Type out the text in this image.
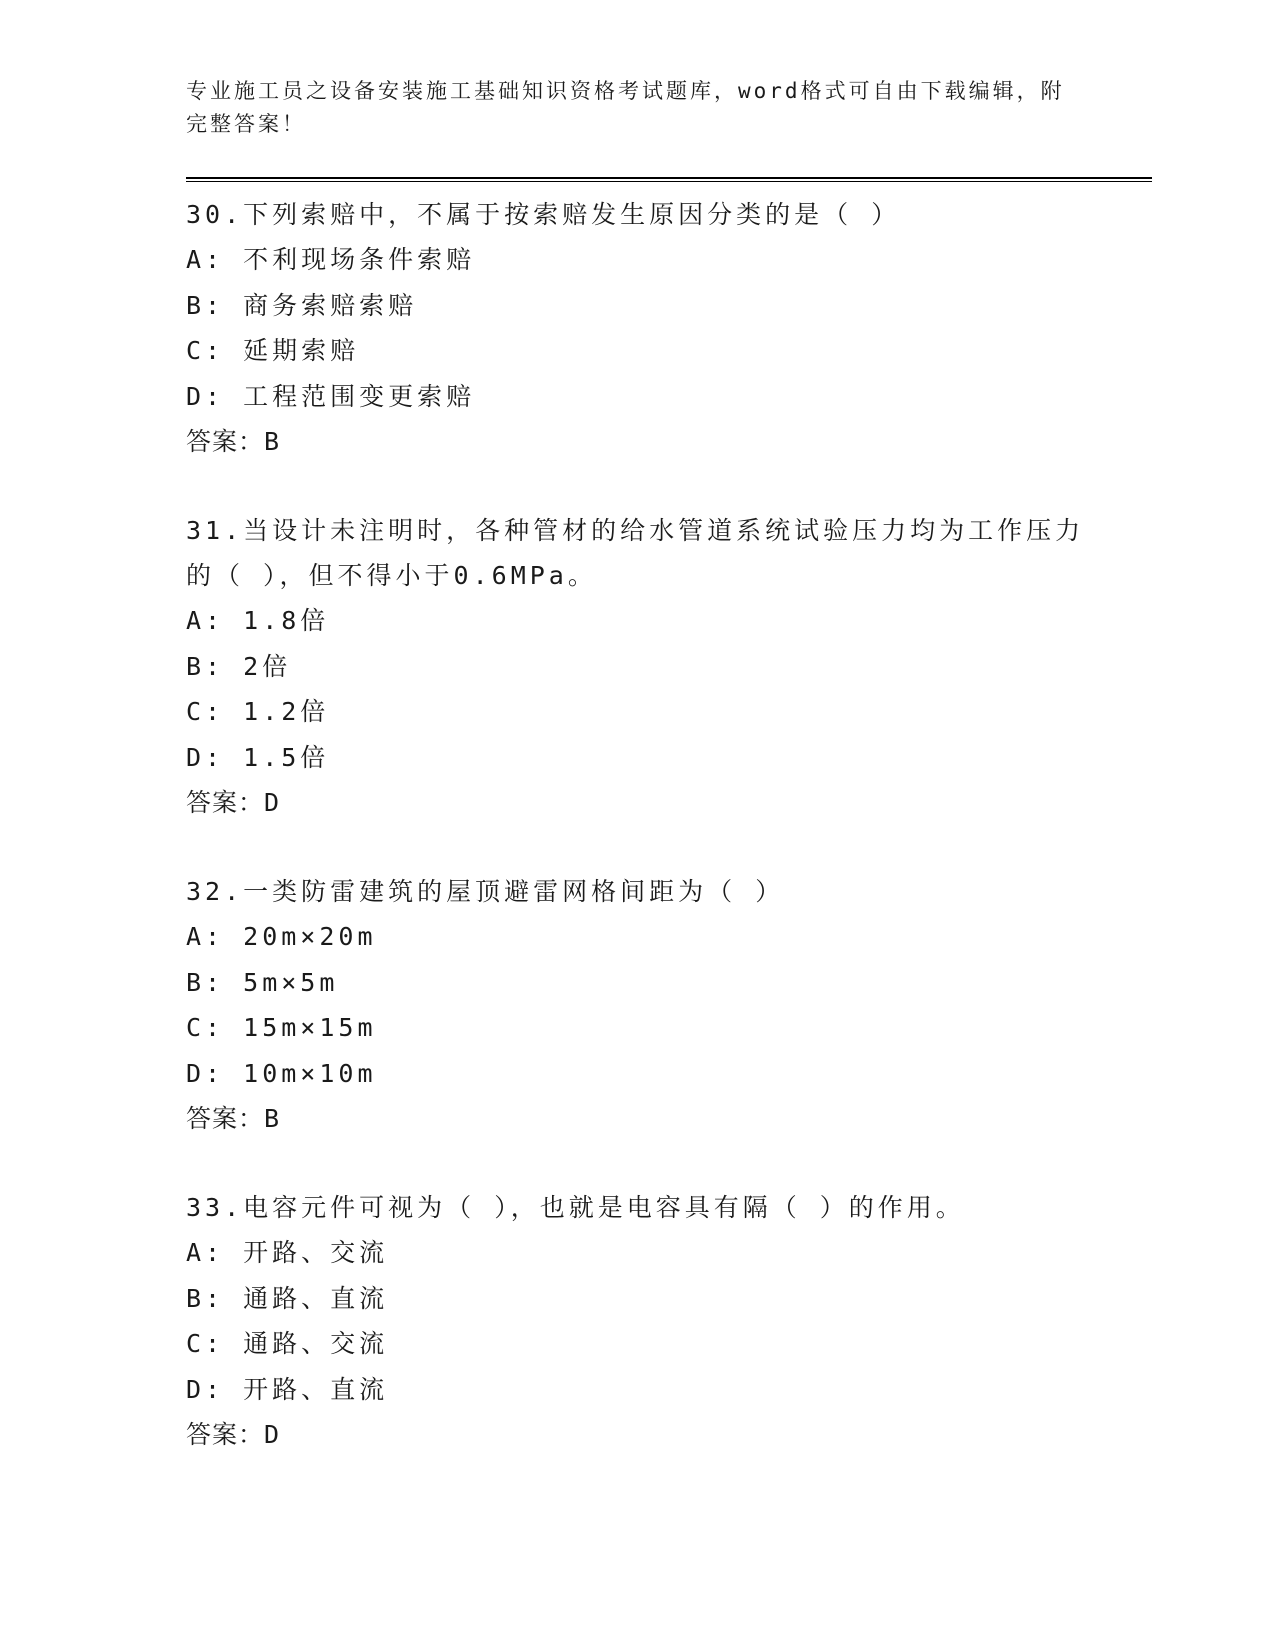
专业施工员之设备安装施工基础知识资格考试题库，word格式可自由下载编辑，附完整答案！
30.下列索赔中，不属于按索赔发生原因分类的是（ ）
A: 不利现场条件索赔
B: 商务索赔索赔
C: 延期索赔
D: 工程范围变更索赔
答案：B
31.当设计未注明时，各种管材的给水管道系统试验压力均为工作压力的（ ），但不得小于0.6MPa。
A: 1.8倍
B: 2倍
C: 1.2倍
D: 1.5倍
答案：D
32.一类防雷建筑的屋顶避雷网格间距为（ ）
A: 20m×20m
B: 5m×5m
C: 15m×15m
D: 10m×10m
答案：B
33.电容元件可视为（ ），也就是电容具有隔（ ）的作用。
A: 开路、交流
B: 通路、直流
C: 通路、交流
D: 开路、直流
答案：D
